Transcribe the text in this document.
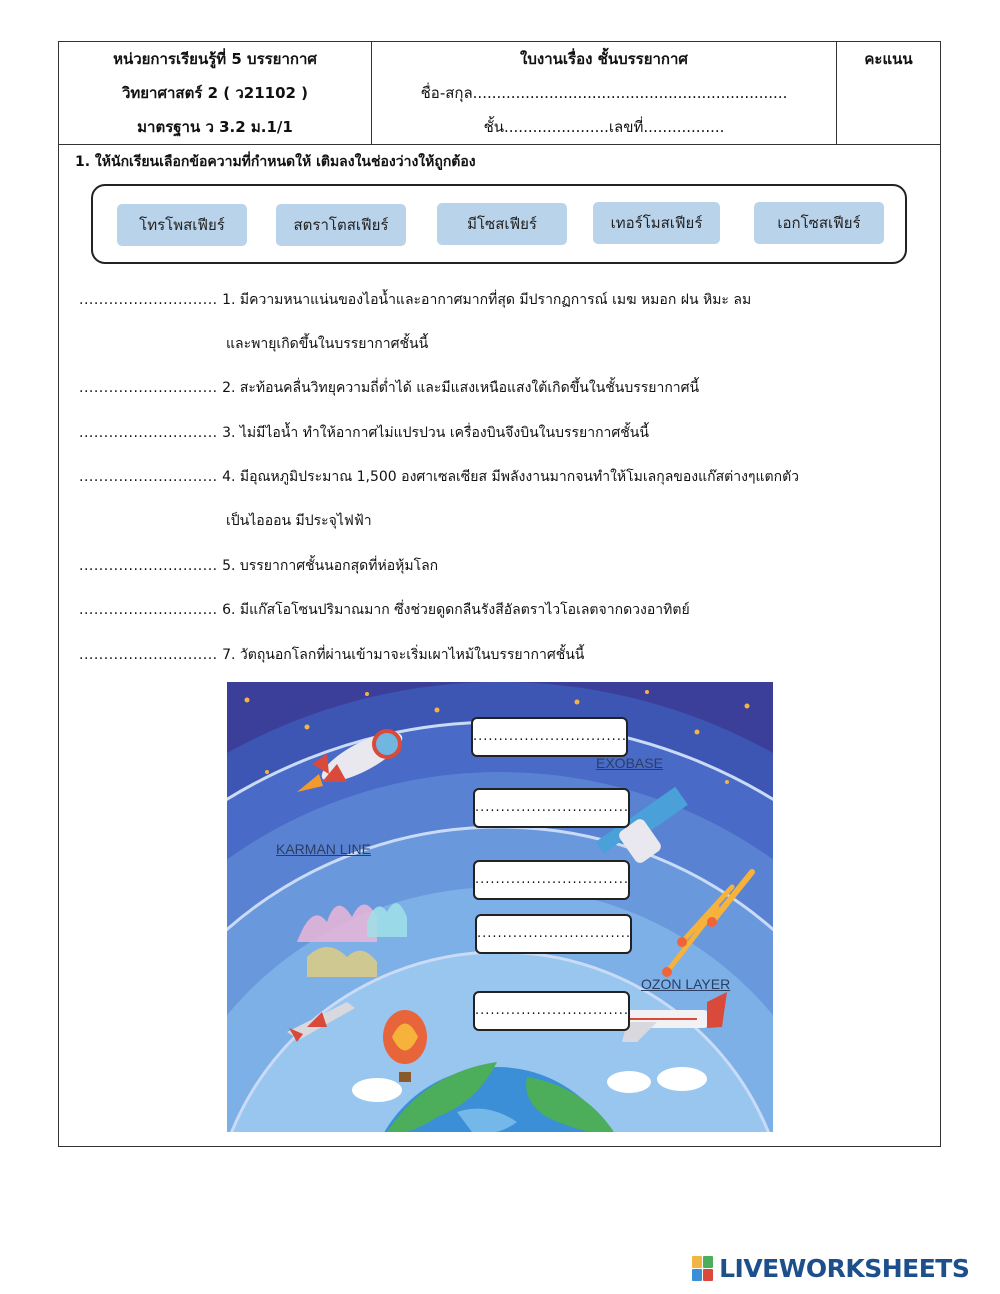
หน่วยการเรียนรู้ที่ 5 บรรยากาศ
วิทยาศาสตร์ 2 ( ว21102 )
มาตรฐาน ว 3.2 ม.1/1
ใบงานเรื่อง ชั้นบรรยากาศ
ชื่อ-สกุล..................................................................
ชั้น......................เลขที่.................
คะแนน
1. ให้นักเรียนเลือกข้อความที่กำหนดให้ เติมลงในช่องว่างให้ถูกต้อง
โทรโพสเฟียร์	สตราโตสเฟียร์	มีโซสเฟียร์	เทอร์โมสเฟียร์	เอกโซสเฟียร์
............................ 1. มีความหนาแน่นของไอน้ำและอากาศมากที่สุด มีปรากฏการณ์ เมฆ หมอก ฝน หิมะ ลม
และพายุเกิดขึ้นในบรรยากาศชั้นนี้
............................ 2. สะท้อนคลื่นวิทยุความถี่ต่ำได้ และมีแสงเหนือแสงใต้เกิดขึ้นในชั้นบรรยากาศนี้
............................ 3. ไม่มีไอน้ำ ทำให้อากาศไม่แปรปวน เครื่องบินจึงบินในบรรยากาศชั้นนี้
............................ 4. มีอุณหภูมิประมาณ 1,500 องศาเซลเซียส มีพลังงานมากจนทำให้โมเลกุลของแก๊สต่างๆแตกตัว
เป็นไอออน มีประจุไฟฟ้า
............................ 5. บรรยากาศชั้นนอกสุดที่ห่อหุ้มโลก
............................ 6. มีแก๊สโอโซนปริมาณมาก ซึ่งช่วยดูดกลืนรังสีอัลตราไวโอเลตจากดวงอาทิตย์
............................ 7. วัตถุนอกโลกที่ผ่านเข้ามาจะเริ่มเผาไหม้ในบรรยากาศชั้นนี้
..............................
..............................
..............................
..............................
..............................
EXOBASE
KARMAN LINE
OZON LAYER
LIVEWORKSHEETS
